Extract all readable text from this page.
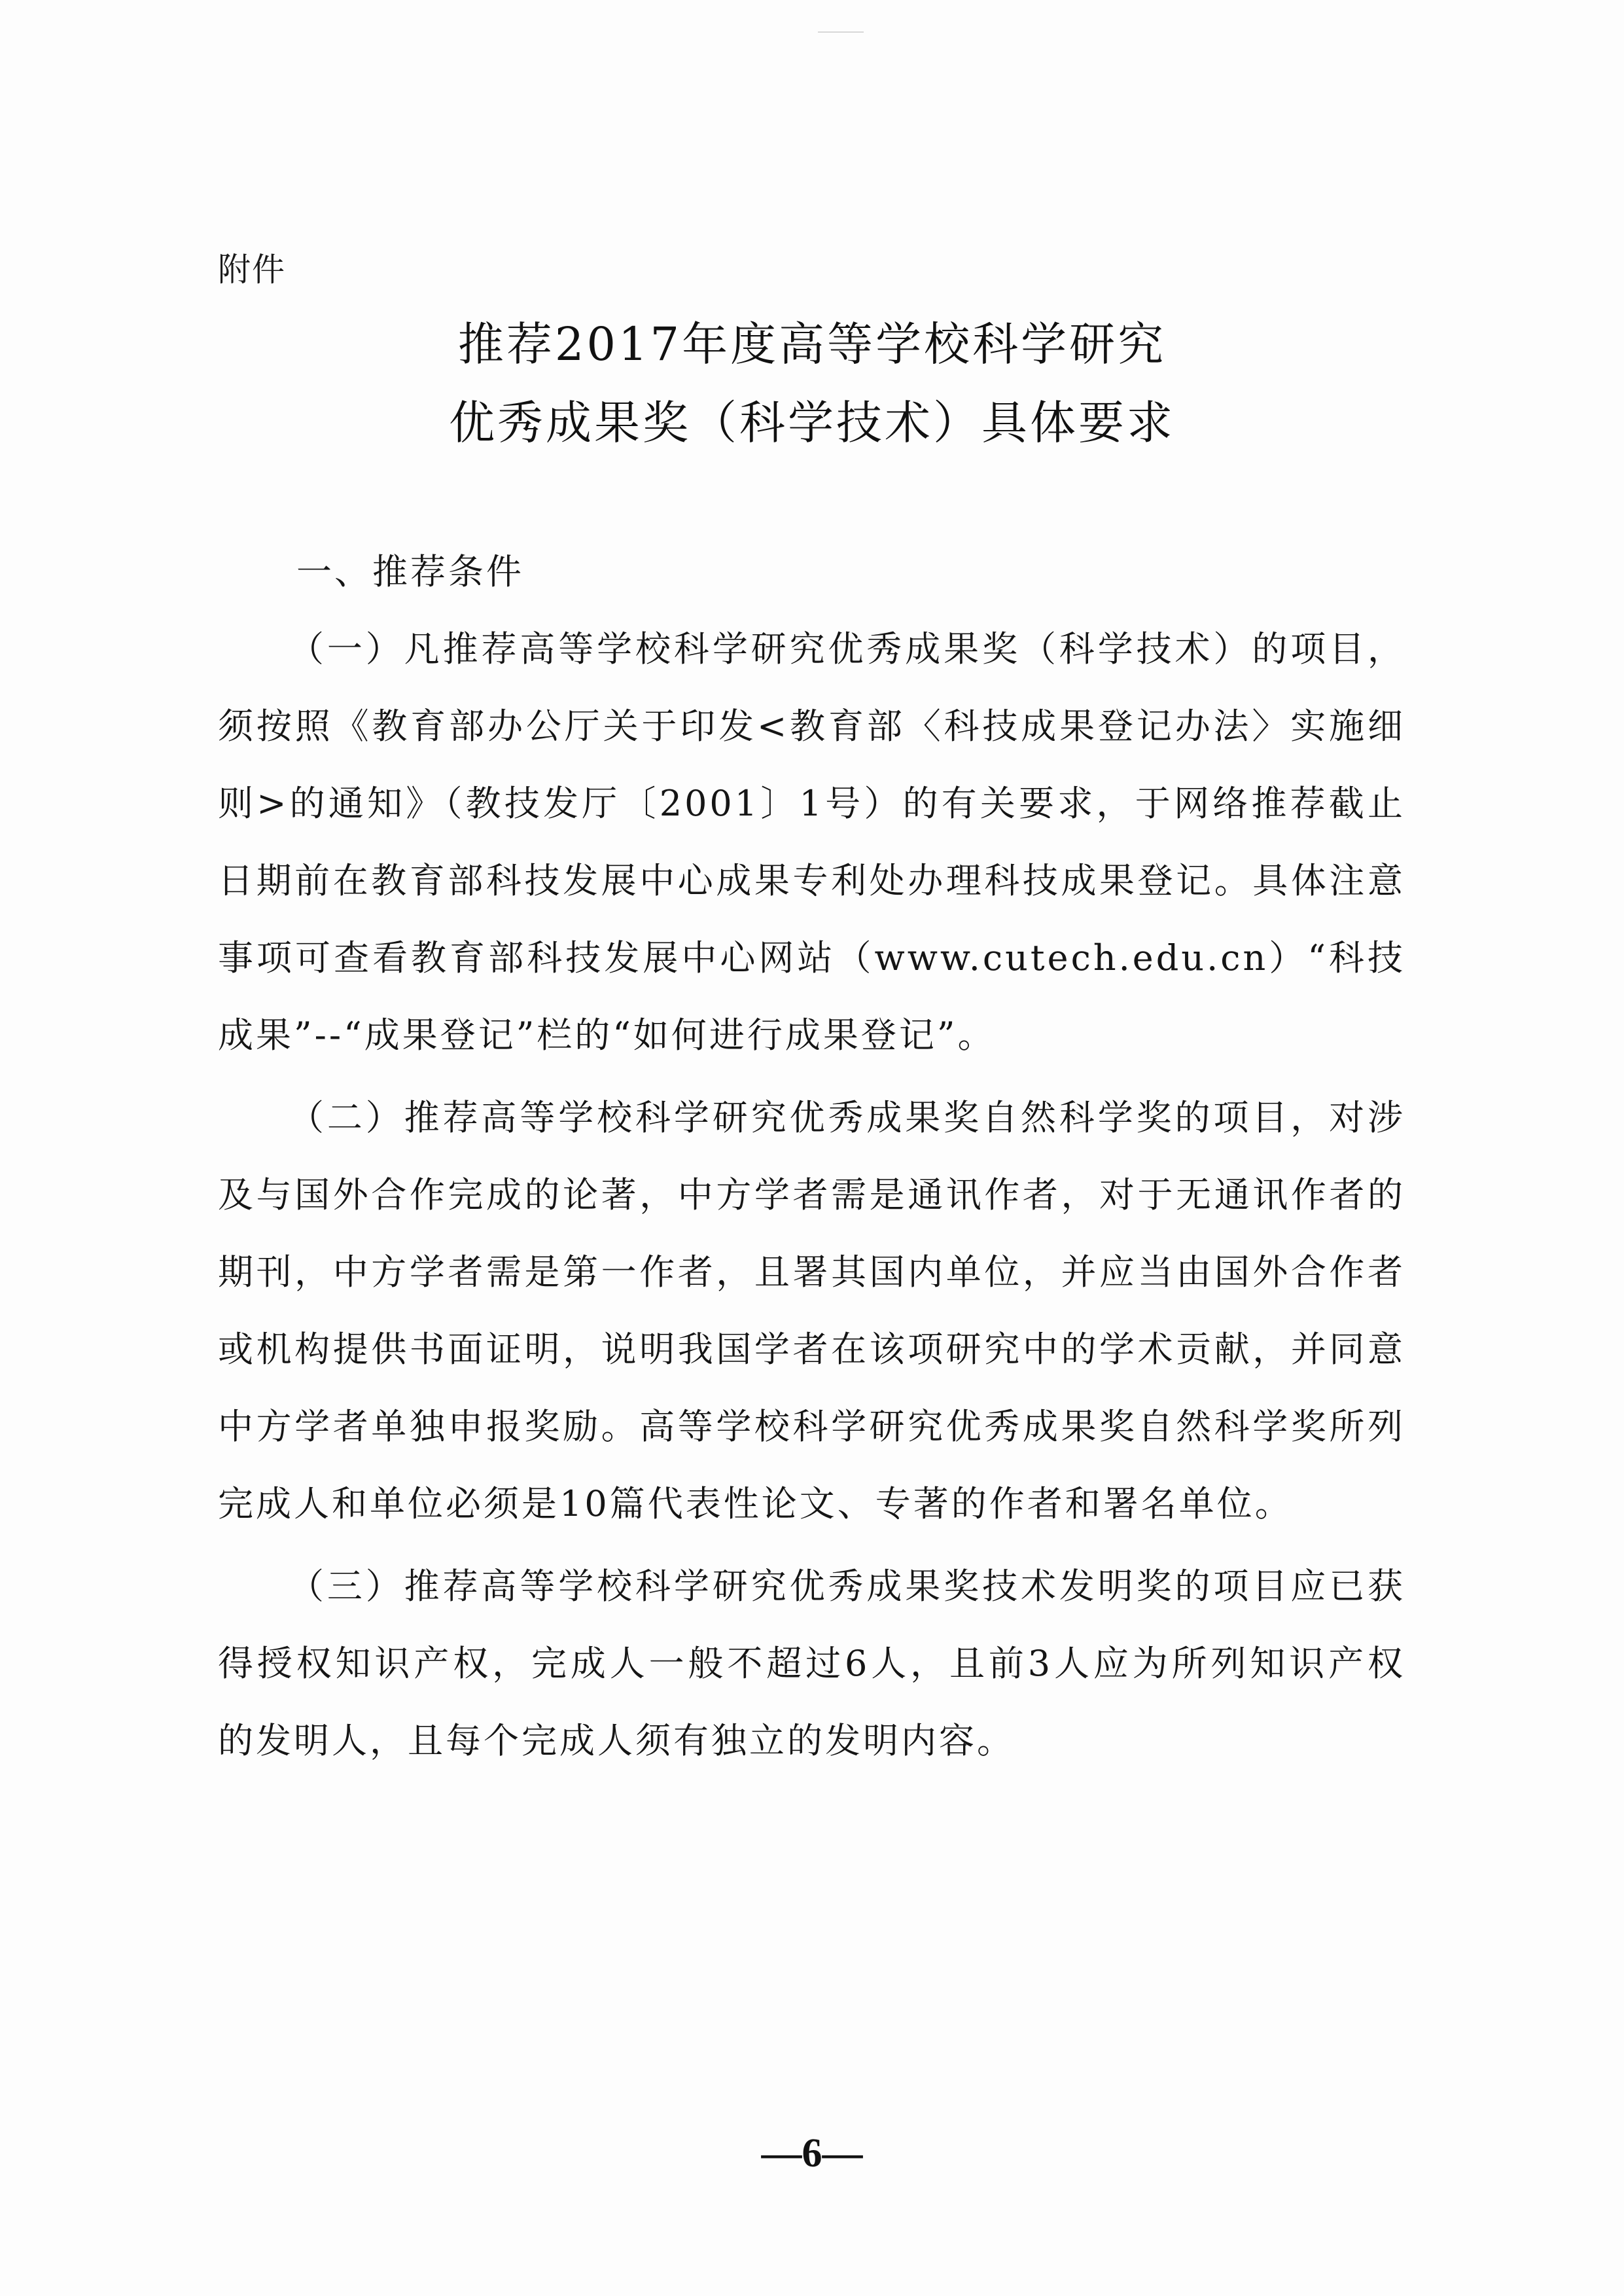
附件
推荐2017年度高等学校科学研究
优秀成果奖（科学技术）具体要求

一、推荐条件

（一）凡推荐高等学校科学研究优秀成果奖（科学技术）的项目，须按照《教育部办公厅关于印发<教育部〈科技成果登记办法〉实施细则>的通知》（教技发厅〔2001〕1号）的有关要求，于网络推荐截止日期前在教育部科技发展中心成果专利处办理科技成果登记。具体注意事项可查看教育部科技发展中心网站（www.cutech.edu.cn）“科技成果”--“成果登记”栏的“如何进行成果登记”。

（二）推荐高等学校科学研究优秀成果奖自然科学奖的项目，对涉及与国外合作完成的论著，中方学者需是通讯作者，对于无通讯作者的期刊，中方学者需是第一作者，且署其国内单位，并应当由国外合作者或机构提供书面证明，说明我国学者在该项研究中的学术贡献，并同意中方学者单独申报奖励。高等学校科学研究优秀成果奖自然科学奖所列完成人和单位必须是10篇代表性论文、专著的作者和署名单位。

（三）推荐高等学校科学研究优秀成果奖技术发明奖的项目应已获得授权知识产权，完成人一般不超过6人，且前3人应为所列知识产权的发明人，且每个完成人须有独立的发明内容。

—6—
